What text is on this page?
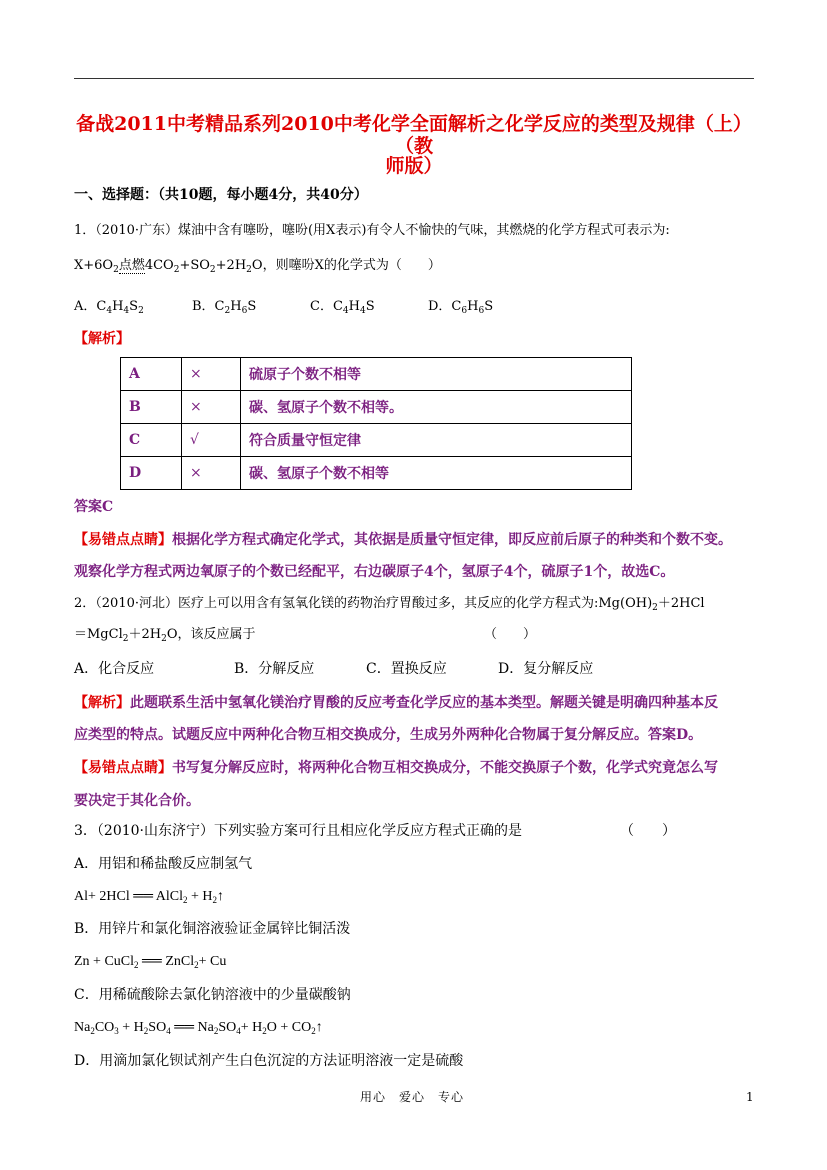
备战2011中考精品系列2010中考化学全面解析之化学反应的类型及规律（上）（教
师版）
一、选择题：（共10题，每小题4分，共40分）
1．（2010·广东）煤油中含有噻吩，噻吩(用X表示)有令人不愉快的气味，其燃烧的化学方程式可表示为:
$X+6O_2$点燃$4CO_2+SO_2+2H_2O$，则噻吩X的化学式为（　　）
A．$C_4H_4S_2$	B．$C_2H_6S$	C．$C_4H_4S$	D．$C_6H_6S$
【解析】
A	×	硫原子个数不相等
B	×	碳、氢原子个数不相等。
C	√	符合质量守恒定律
D	×	碳、氢原子个数不相等
答案C
【易错点点睛】根据化学方程式确定化学式，其依据是质量守恒定律，即反应前后原子的种类和个数不变。
观察化学方程式两边氧原子的个数已经配平，右边碳原子4个，氢原子4个，硫原子1个，故选C。
2．（2010·河北）医疗上可以用含有氢氧化镁的药物治疗胃酸过多，其反应的化学方程式为$:Mg(OH)_2+2HCl$
$=MgCl_2+2H_2O$，该反应属于	（　　）
A．化合反应	B．分解反应	C．置换反应	D．复分解反应
【解析】此题联系生活中氢氧化镁治疗胃酸的反应考查化学反应的基本类型。解题关键是明确四种基本反
应类型的特点。试题反应中两种化合物互相交换成分，生成另外两种化合物属于复分解反应。答案D。
【易错点点睛】书写复分解反应时，将两种化合物互相交换成分，不能交换原子个数，化学式究竟怎么写
要决定于其化合价。
3．（2010·山东济宁）下列实验方案可行且相应化学反应方程式正确的是	（　　）
A．用铝和稀盐酸反应制氢气
Al+ 2HCl ══ AlCl$_2$ + $H_2↑$
B．用锌片和氯化铜溶液验证金属锌比铜活泼
Zn + CuCl$_2$ ══ ZnCl$_2$+ Cu
C．用稀硫酸除去氯化钠溶液中的少量碳酸钠
$Na_2CO_3 + H_2SO_4$ ══ $Na_2SO_4+ H_2O$ + $CO_2↑$
D．用滴加氯化钡试剂产生白色沉淀的方法证明溶液一定是硫酸
用心　爱心　专心	1
